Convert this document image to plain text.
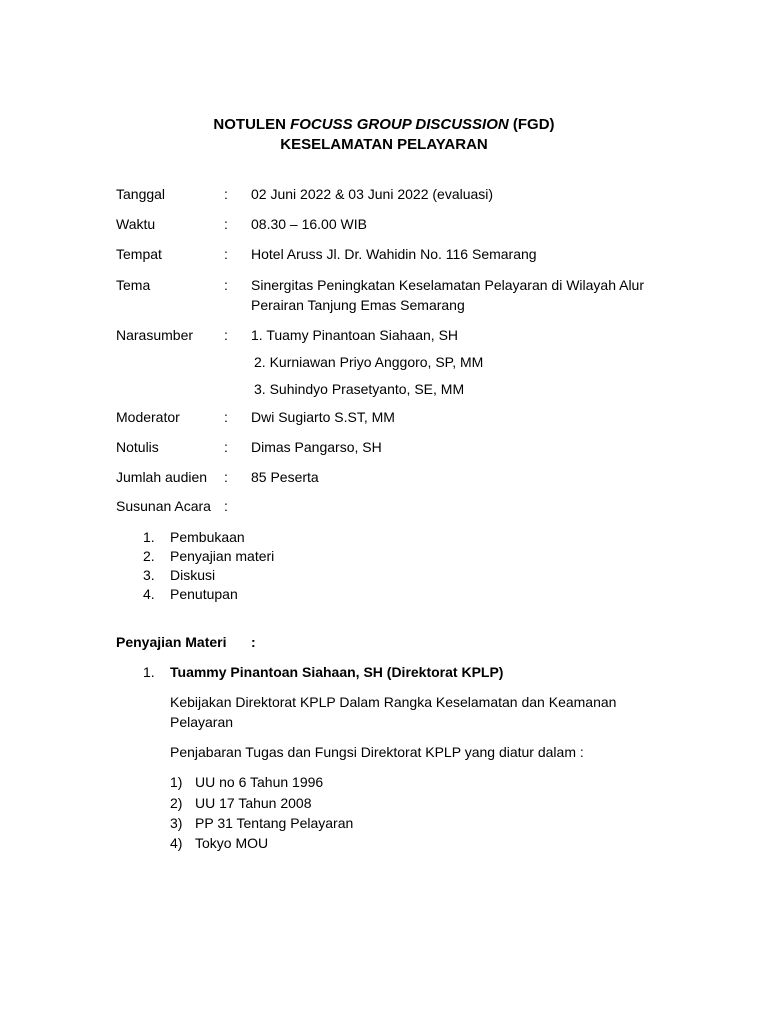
NOTULEN FOCUSS GROUP DISCUSSION (FGD)
KESELAMATAN PELAYARAN
Tanggal	: 02 Juni 2022 & 03 Juni 2022 (evaluasi)
Waktu	: 08.30 – 16.00 WIB
Tempat	: Hotel Aruss Jl. Dr. Wahidin No. 116 Semarang
Tema	: Sinergitas Peningkatan Keselamatan Pelayaran di Wilayah Alur
Perairan Tanjung Emas Semarang
Narasumber : 1. Tuamy Pinantoan Siahaan, SH
2. Kurniawan Priyo Anggoro, SP, MM
3. Suhindyo Prasetyanto, SE, MM
Moderator	: Dwi Sugiarto S.ST, MM
Notulis	: Dimas Pangarso, SH
Jumlah audien : 85 Peserta
Susunan Acara :
1. Pembukaan
2. Penyajian materi
3. Diskusi
4. Penutupan
Penyajian Materi :
1. Tuammy Pinantoan Siahaan, SH (Direktorat KPLP)
Kebijakan Direktorat KPLP Dalam Rangka Keselamatan dan Keamanan
Pelayaran
Penjabaran Tugas dan Fungsi Direktorat KPLP yang diatur dalam :
1) UU no 6 Tahun 1996
2) UU 17 Tahun 2008
3) PP 31 Tentang Pelayaran
4) Tokyo MOU
